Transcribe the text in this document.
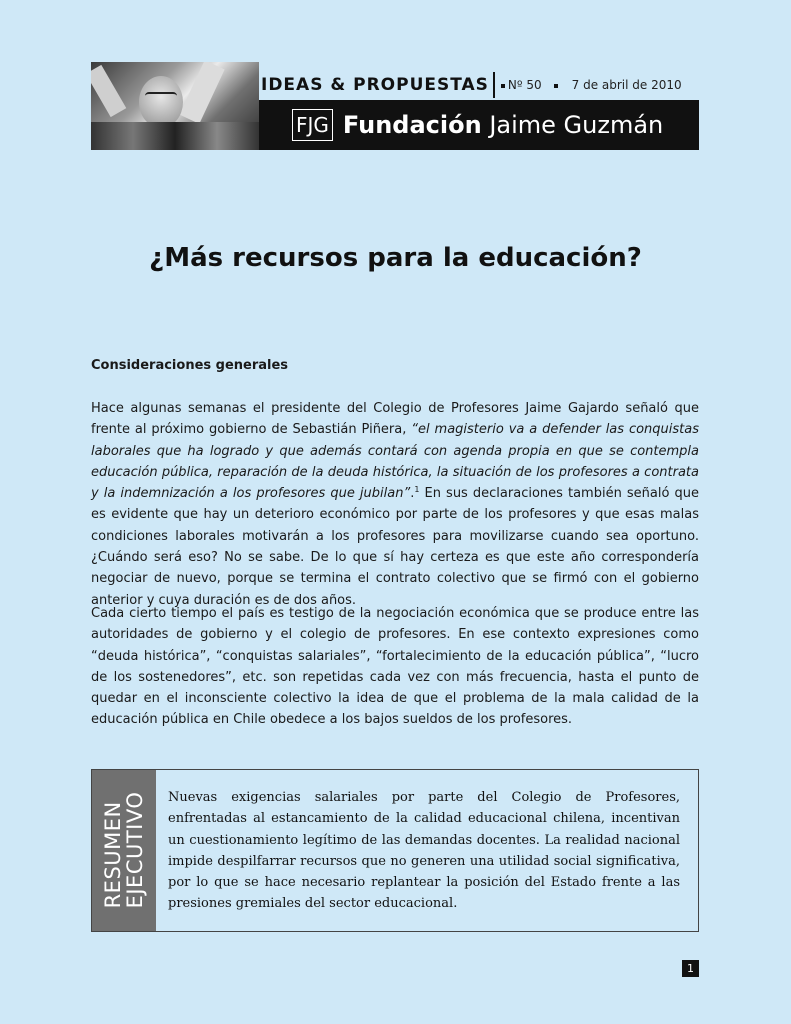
IDEAS & PROPUESTAS	Nº 50	7 de abril de 2010
FJG Fundación Jaime Guzmán
¿Más recursos para la educación?
Consideraciones generales
Hace algunas semanas el presidente del Colegio de Profesores Jaime Gajardo señaló que frente al próximo gobierno de Sebastián Piñera, “el magisterio va a defender las conquistas laborales que ha logrado y que además contará con agenda propia en que se contempla educación pública, reparación de la deuda histórica, la situación de los profesores a contrata y la indemnización a los profesores que jubilan”.$^1$ En sus declaraciones también señaló que es evidente que hay un deterioro económico por parte de los profesores y que esas malas condiciones laborales motivarán a los profesores para movilizarse cuando sea oportuno. ¿Cuándo será eso? No se sabe. De lo que sí hay certeza es que este año correspondería negociar de nuevo, porque se termina el contrato colectivo que se firmó con el gobierno anterior y cuya duración es de dos años.
Cada cierto tiempo el país es testigo de la negociación económica que se produce entre las autoridades de gobierno y el colegio de profesores. En ese contexto expresiones como “deuda histórica”, “conquistas salariales”, “fortalecimiento de la educación pública”, “lucro de los sostenedores”, etc. son repetidas cada vez con más frecuencia, hasta el punto de quedar en el inconsciente colectivo la idea de que el problema de la mala calidad de la educación pública en Chile obedece a los bajos sueldos de los profesores.
RESUMEN
EJECUTIVO Nuevas exigencias salariales por parte del Colegio de Profesores, enfrentadas al estancamiento de la calidad educacional chilena, incentivan un cuestionamiento legítimo de las demandas docentes. La realidad nacional impide despilfarrar recursos que no generen una utilidad social significativa, por lo que se hace necesario replantear la posición del Estado frente a las presiones gremiales del sector educacional.
1
